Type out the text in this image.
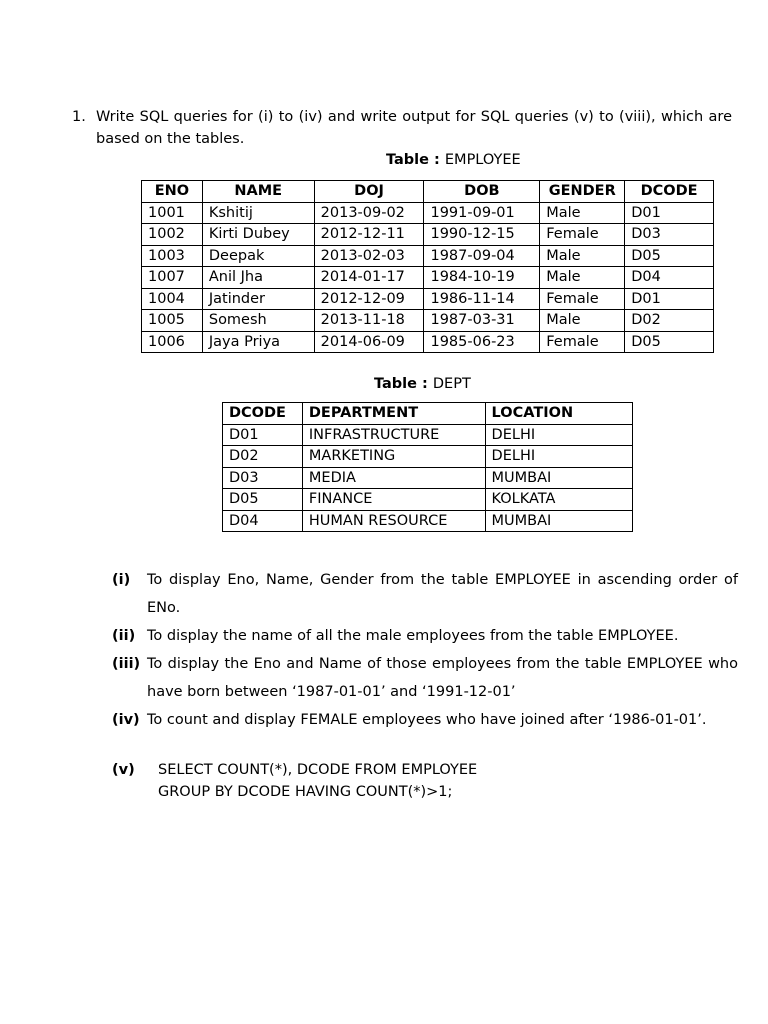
1. Write SQL queries for (i) to (iv) and write output for SQL queries (v) to (viii), which are based on the tables.
Table : EMPLOYEE
ENO	NAME	DOJ	DOB	GENDER	DCODE
1001	Kshitij	2013-09-02	1991-09-01	Male	D01
1002	Kirti Dubey	2012-12-11	1990-12-15	Female	D03
1003	Deepak	2013-02-03	1987-09-04	Male	D05
1007	Anil Jha	2014-01-17	1984-10-19	Male	D04
1004	Jatinder	2012-12-09	1986-11-14	Female	D01
1005	Somesh	2013-11-18	1987-03-31	Male	D02
1006	Jaya Priya	2014-06-09	1985-06-23	Female	D05
Table : DEPT
DCODE	DEPARTMENT	LOCATION
D01	INFRASTRUCTURE	DELHI
D02	MARKETING	DELHI
D03	MEDIA	MUMBAI
D05	FINANCE	KOLKATA
D04	HUMAN RESOURCE	MUMBAI
(i) To display Eno, Name, Gender from the table EMPLOYEE in ascending order of ENo.
(ii) To display the name of all the male employees from the table EMPLOYEE.
(iii) To display the Eno and Name of those employees from the table EMPLOYEE who have born between ‘1987-01-01’ and ‘1991-12-01’
(iv) To count and display FEMALE employees who have joined after ‘1986-01-01’.
(v) SELECT COUNT(*), DCODE FROM EMPLOYEE
GROUP BY DCODE HAVING COUNT(*)>1;
